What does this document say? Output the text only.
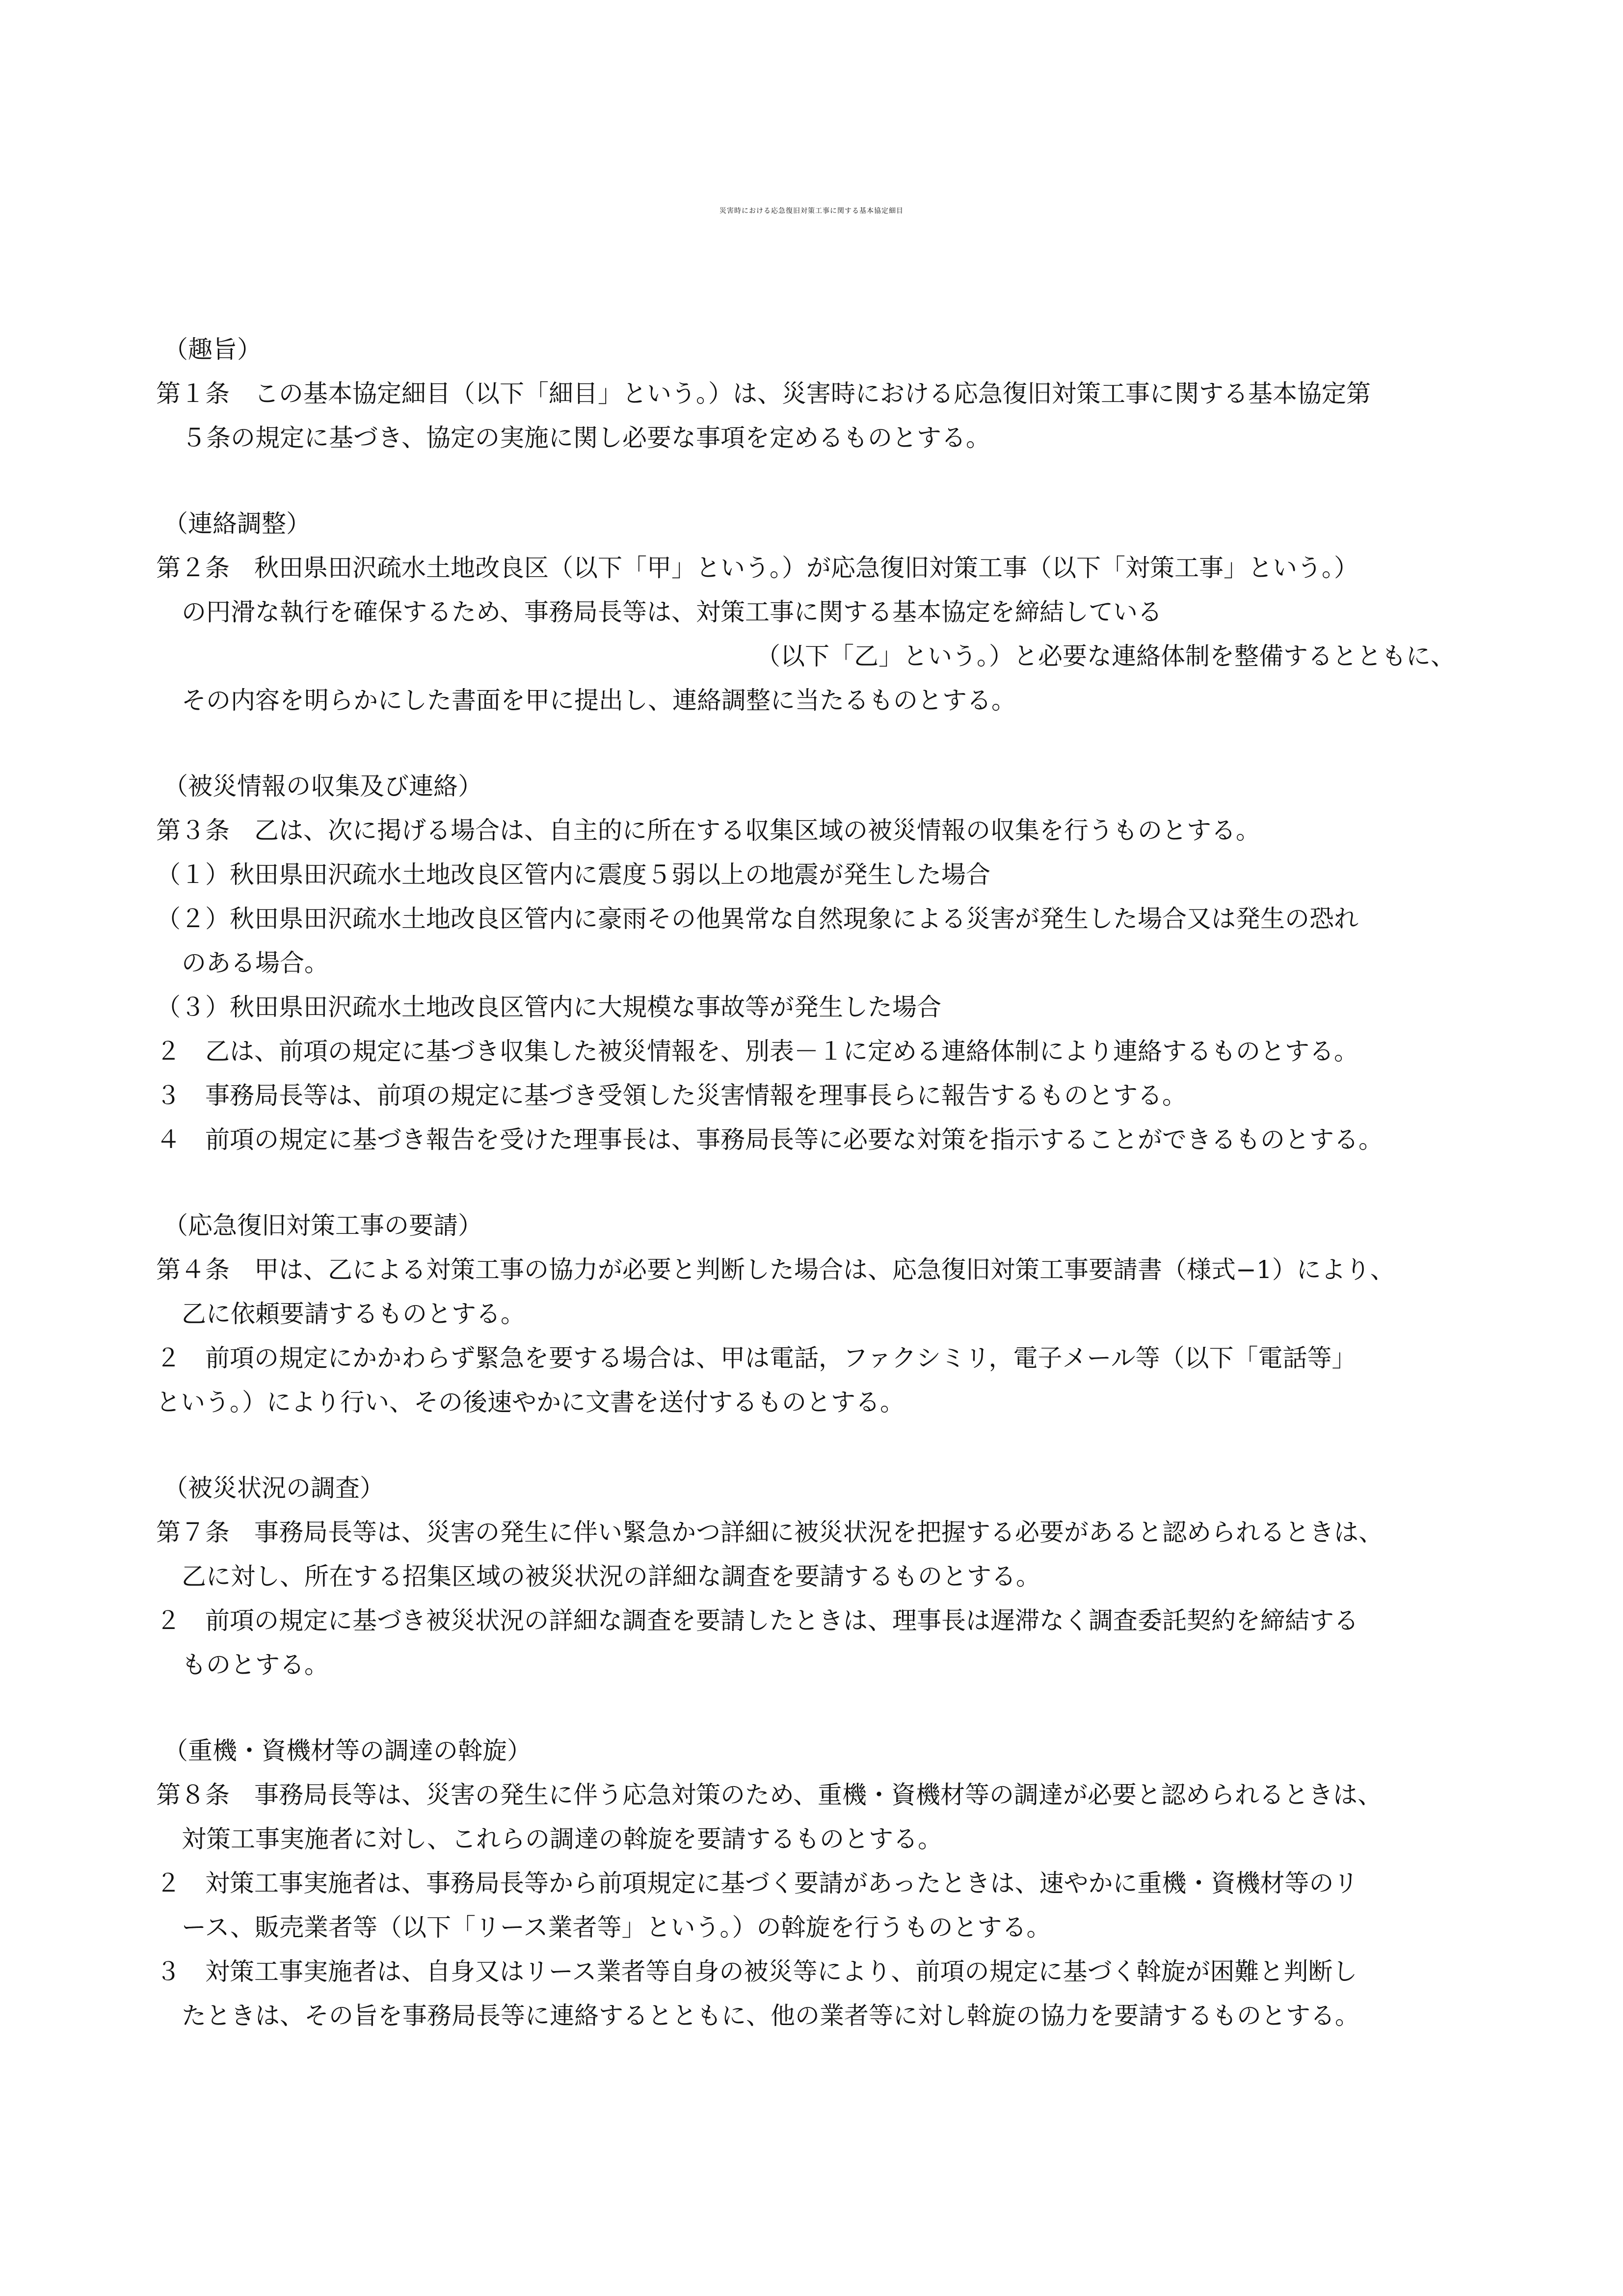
災害時における応急復旧対策工事に関する基本協定細目
（趣旨）
第１条　この基本協定細目（以下「細目」という。）は、災害時における応急復旧対策工事に関する基本協定第
５条の規定に基づき、協定の実施に関し必要な事項を定めるものとする。
（連絡調整）
第２条　秋田県田沢疏水土地改良区（以下「甲」という。）が応急復旧対策工事（以下「対策工事」という。）
の円滑な執行を確保するため、事務局長等は、対策工事に関する基本協定を締結している
（以下「乙」という。）と必要な連絡体制を整備するとともに、
その内容を明らかにした書面を甲に提出し、連絡調整に当たるものとする。
（被災情報の収集及び連絡）
第３条　乙は、次に掲げる場合は、自主的に所在する収集区域の被災情報の収集を行うものとする。
（１）秋田県田沢疏水土地改良区管内に震度５弱以上の地震が発生した場合
（２）秋田県田沢疏水土地改良区管内に豪雨その他異常な自然現象による災害が発生した場合又は発生の恐れ
のある場合。
（３）秋田県田沢疏水土地改良区管内に大規模な事故等が発生した場合
２　乙は、前項の規定に基づき収集した被災情報を、別表－１に定める連絡体制により連絡するものとする。
３　事務局長等は、前項の規定に基づき受領した災害情報を理事長らに報告するものとする。
４　前項の規定に基づき報告を受けた理事長は、事務局長等に必要な対策を指示することができるものとする。
（応急復旧対策工事の要請）
第４条　甲は、乙による対策工事の協力が必要と判断した場合は、応急復旧対策工事要請書（様式−1）により、
乙に依頼要請するものとする。
２　前項の規定にかかわらず緊急を要する場合は、甲は電話，ファクシミリ，電子メール等（以下「電話等」
という。）により行い、その後速やかに文書を送付するものとする。
（被災状況の調査）
第７条　事務局長等は、災害の発生に伴い緊急かつ詳細に被災状況を把握する必要があると認められるときは、
乙に対し、所在する招集区域の被災状況の詳細な調査を要請するものとする。
２　前項の規定に基づき被災状況の詳細な調査を要請したときは、理事長は遅滞なく調査委託契約を締結する
ものとする。
（重機・資機材等の調達の斡旋）
第８条　事務局長等は、災害の発生に伴う応急対策のため、重機・資機材等の調達が必要と認められるときは、
対策工事実施者に対し、これらの調達の斡旋を要請するものとする。
２　対策工事実施者は、事務局長等から前項規定に基づく要請があったときは、速やかに重機・資機材等のリ
ース、販売業者等（以下「リース業者等」という。）の斡旋を行うものとする。
３　対策工事実施者は、自身又はリース業者等自身の被災等により、前項の規定に基づく斡旋が困難と判断し
たときは、その旨を事務局長等に連絡するとともに、他の業者等に対し斡旋の協力を要請するものとする。
